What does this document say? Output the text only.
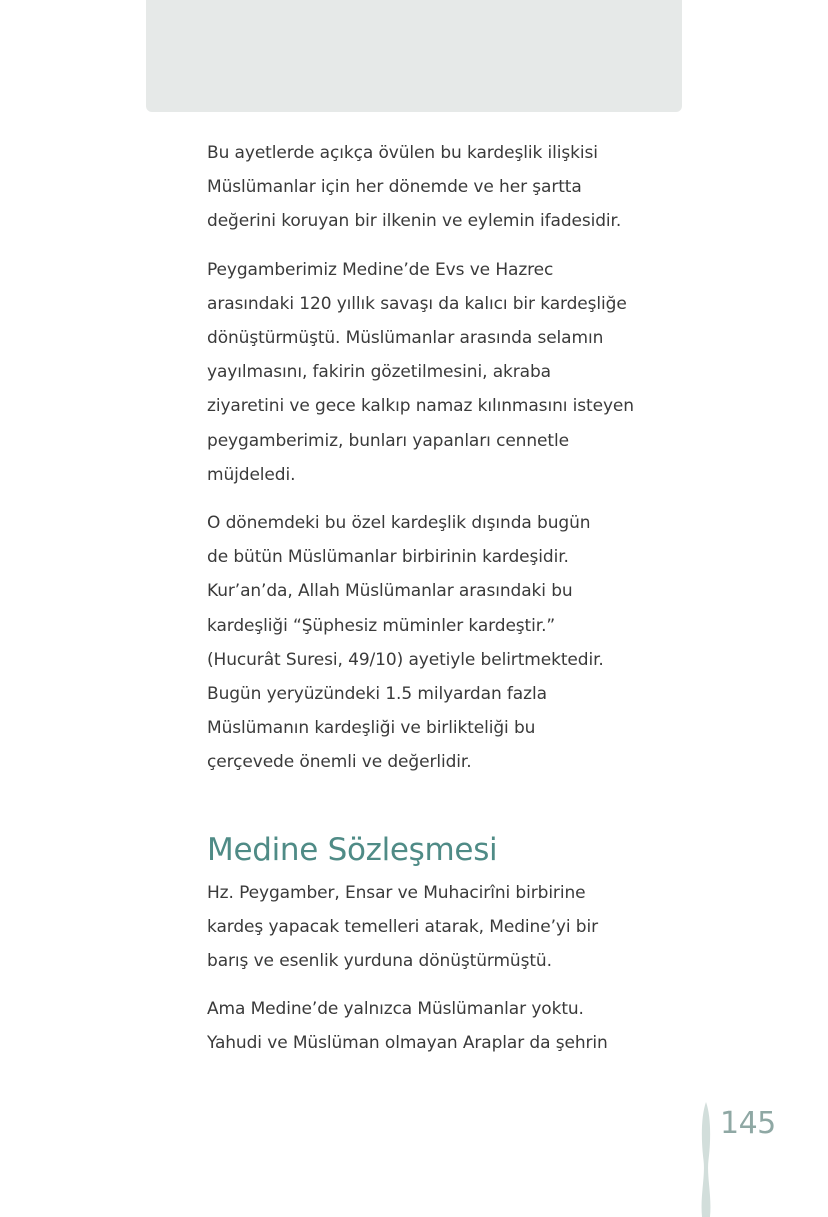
Bu ayetlerde açıkça övülen bu kardeşlik ilişkisi
Müslümanlar için her dönemde ve her şartta
değerini koruyan bir ilkenin ve eylemin ifadesidir.

Peygamberimiz Medine’de Evs ve Hazrec
arasındaki 120 yıllık savaşı da kalıcı bir kardeşliğe
dönüştürmüştü. Müslümanlar arasında selamın
yayılmasını, fakirin gözetilmesini, akraba
ziyaretini ve gece kalkıp namaz kılınmasını isteyen
peygamberimiz, bunları yapanları cennetle
müjdeledi.

O dönemdeki bu özel kardeşlik dışında bugün
de bütün Müslümanlar birbirinin kardeşidir.
Kur’an’da, Allah Müslümanlar arasındaki bu
kardeşliği “Şüphesiz müminler kardeştir.”
(Hucurât Suresi, 49/10) ayetiyle belirtmektedir.
Bugün yeryüzündeki 1.5 milyardan fazla
Müslümanın kardeşliği ve birlikteliği bu
çerçevede önemli ve değerlidir.

Medine Sözleşmesi

Hz. Peygamber, Ensar ve Muhacirîni birbirine
kardeş yapacak temelleri atarak, Medine’yi bir
barış ve esenlik yurduna dönüştürmüştü.

Ama Medine’de yalnızca Müslümanlar yoktu.
Yahudi ve Müslüman olmayan Araplar da şehrin

145
